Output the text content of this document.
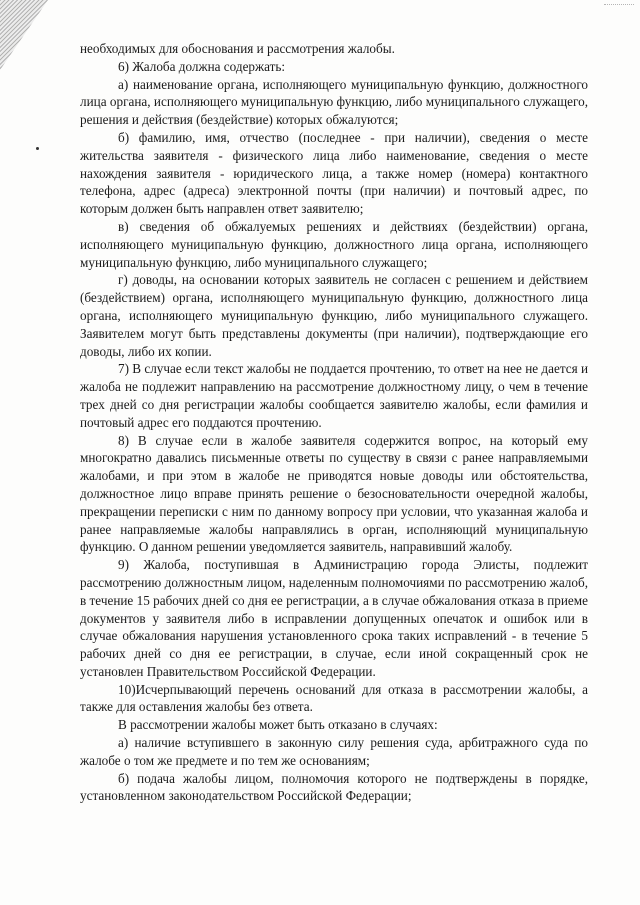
необходимых для обоснования и рассмотрения жалобы.

6) Жалоба должна содержать:

а) наименование органа, исполняющего муниципальную функцию, должностного лица органа, исполняющего муниципальную функцию, либо муниципального служащего, решения и действия (бездействие) которых обжалуются;

б) фамилию, имя, отчество (последнее - при наличии), сведения о месте жительства заявителя - физического лица либо наименование, сведения о месте нахождения заявителя - юридического лица, а также номер (номера) контактного телефона, адрес (адреса) электронной почты (при наличии) и почтовый адрес, по которым должен быть направлен ответ заявителю;

в) сведения об обжалуемых решениях и действиях (бездействии) органа, исполняющего муниципальную функцию, должностного лица органа, исполняющего муниципальную функцию, либо муниципального служащего;

г) доводы, на основании которых заявитель не согласен с решением и действием (бездействием) органа, исполняющего муниципальную функцию, должностного лица органа, исполняющего муниципальную функцию, либо муниципального служащего. Заявителем могут быть представлены документы (при наличии), подтверждающие его доводы, либо их копии.

7) В случае если текст жалобы не поддается прочтению, то ответ на нее не дается и жалоба не подлежит направлению на рассмотрение должностному лицу, о чем в течение трех дней со дня регистрации жалобы сообщается заявителю жалобы, если фамилия и почтовый адрес его поддаются прочтению.

8) В случае если в жалобе заявителя содержится вопрос, на который ему многократно давались письменные ответы по существу в связи с ранее направляемыми жалобами, и при этом в жалобе не приводятся новые доводы или обстоятельства, должностное лицо вправе принять решение о безосновательности очередной жалобы, прекращении переписки с ним по данному вопросу при условии, что указанная жалоба и ранее направляемые жалобы направлялись в орган, исполняющий муниципальную функцию. О данном решении уведомляется заявитель, направивший жалобу.

9) Жалоба, поступившая в Администрацию города Элисты, подлежит рассмотрению должностным лицом, наделенным полномочиями по рассмотрению жалоб, в течение 15 рабочих дней со дня ее регистрации, а в случае обжалования отказа в приеме документов у заявителя либо в исправлении допущенных опечаток и ошибок или в случае обжалования нарушения установленного срока таких исправлений - в течение 5 рабочих дней со дня ее регистрации, в случае, если иной сокращенный срок не установлен Правительством Российской Федерации.

10)Исчерпывающий перечень оснований для отказа в рассмотрении жалобы, а также для оставления жалобы без ответа.

В рассмотрении жалобы может быть отказано в случаях:

а) наличие вступившего в законную силу решения суда, арбитражного суда по жалобе о том же предмете и по тем же основаниям;

б) подача жалобы лицом, полномочия которого не подтверждены в порядке, установленном законодательством Российской Федерации;
